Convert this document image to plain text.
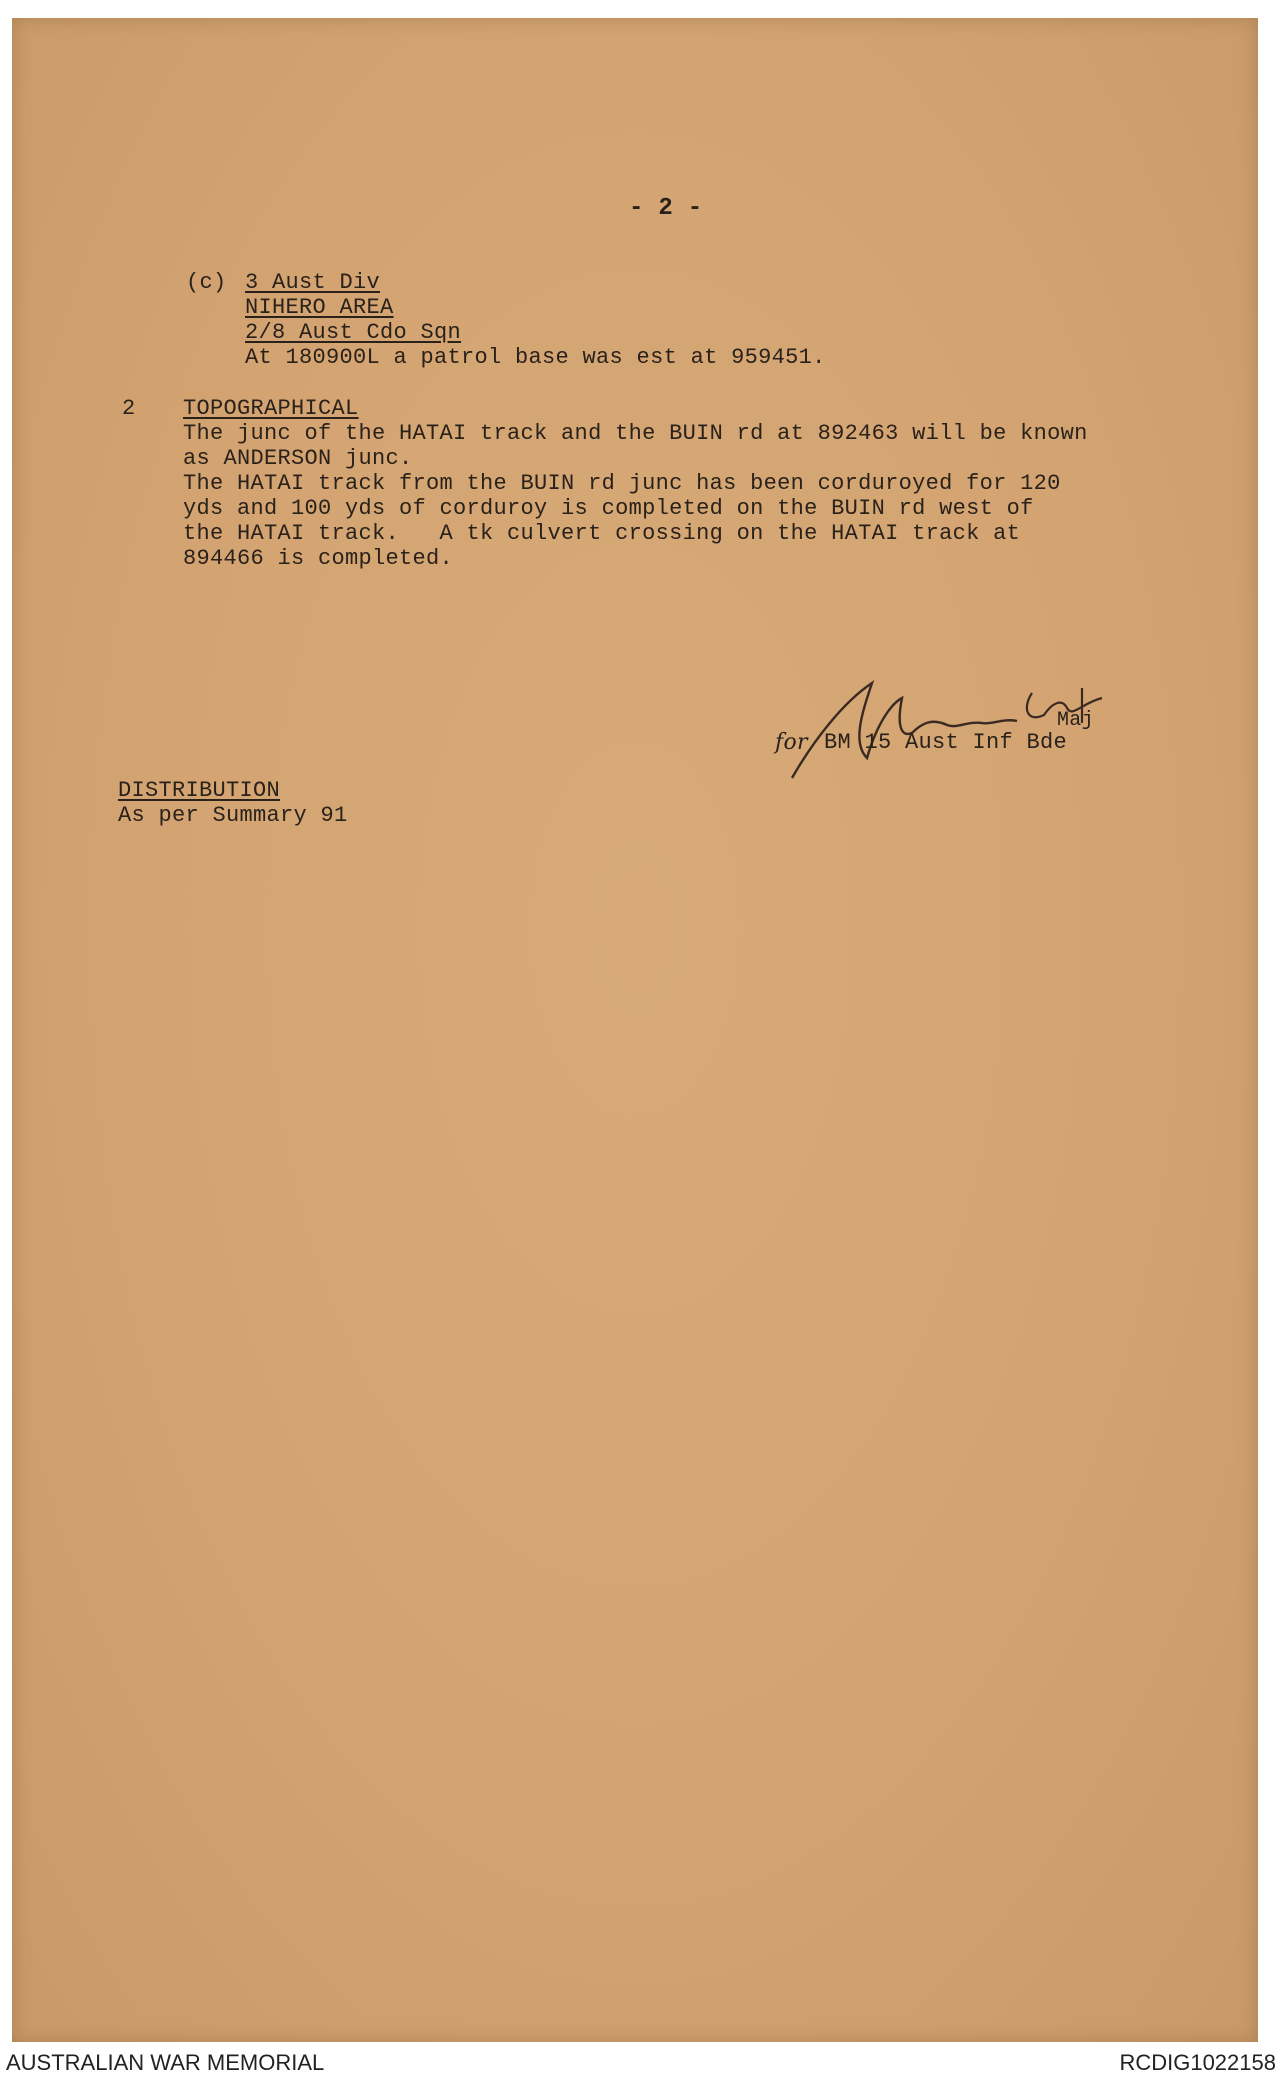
- 2 -
(c) 3 Aust Div
NIHERO AREA
2/8 Aust Cdo Sqn
At 180900L a patrol base was est at 959451.
2 TOPOGRAPHICAL
The junc of the HATAI track and the BUIN rd at 892463 will be known
as ANDERSON junc.
The HATAI track from the BUIN rd junc has been corduroyed for 120
yds and 100 yds of corduroy is completed on the BUIN rd west of
the HATAI track.   A tk culvert crossing on the HATAI track at
894466 is completed.
Maj
for BM 15 Aust Inf Bde
DISTRIBUTION
As per Summary 91
AUSTRALIAN WAR MEMORIAL	RCDIG1022158
